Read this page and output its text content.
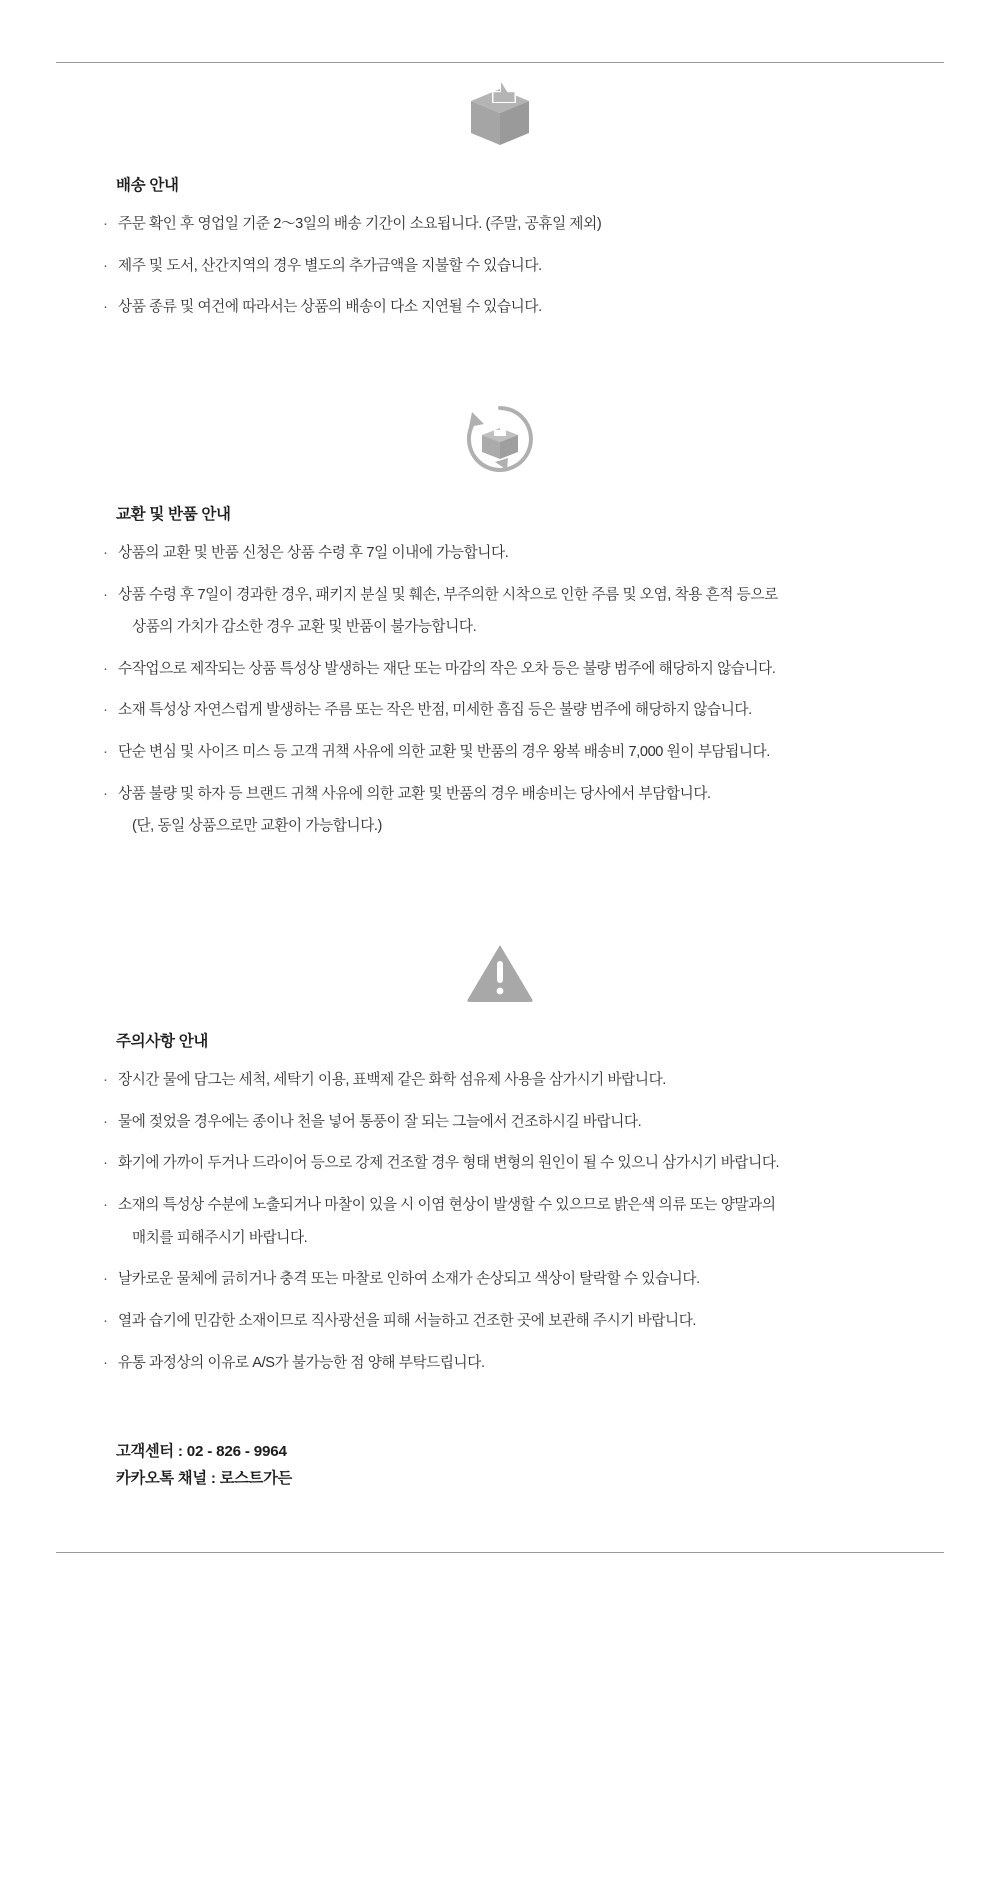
배송 안내
· 주문 확인 후 영업일 기준 2〜3일의 배송 기간이 소요됩니다. (주말, 공휴일 제외)
· 제주 및 도서, 산간지역의 경우 별도의 추가금액을 지불할 수 있습니다.
· 상품 종류 및 여건에 따라서는 상품의 배송이 다소 지연될 수 있습니다.
교환 및 반품 안내
· 상품의 교환 및 반품 신청은 상품 수령 후 7일 이내에 가능합니다.
· 상품 수령 후 7일이 경과한 경우, 패키지 분실 및 훼손, 부주의한 시착으로 인한 주름 및 오염, 착용 흔적 등으로
상품의 가치가 감소한 경우 교환 및 반품이 불가능합니다.
· 수작업으로 제작되는 상품 특성상 발생하는 재단 또는 마감의 작은 오차 등은 불량 범주에 해당하지 않습니다.
· 소재 특성상 자연스럽게 발생하는 주름 또는 작은 반점, 미세한 흠집 등은 불량 범주에 해당하지 않습니다.
· 단순 변심 및 사이즈 미스 등 고객 귀책 사유에 의한 교환 및 반품의 경우 왕복 배송비 7,000 원이 부담됩니다.
· 상품 불량 및 하자 등 브랜드 귀책 사유에 의한 교환 및 반품의 경우 배송비는 당사에서 부담합니다.
(단, 동일 상품으로만 교환이 가능합니다.)
주의사항 안내
· 장시간 물에 담그는 세척, 세탁기 이용, 표백제 같은 화학 섬유제 사용을 삼가시기 바랍니다.
· 물에 젖었을 경우에는 종이나 천을 넣어 통풍이 잘 되는 그늘에서 건조하시길 바랍니다.
· 화기에 가까이 두거나 드라이어 등으로 강제 건조할 경우 형태 변형의 원인이 될 수 있으니 삼가시기 바랍니다.
· 소재의 특성상 수분에 노출되거나 마찰이 있을 시 이염 현상이 발생할 수 있으므로 밝은색 의류 또는 양말과의
매치를 피해주시기 바랍니다.
· 날카로운 물체에 긁히거나 충격 또는 마찰로 인하여 소재가 손상되고 색상이 탈락할 수 있습니다.
· 열과 습기에 민감한 소재이므로 직사광선을 피해 서늘하고 건조한 곳에 보관해 주시기 바랍니다.
· 유통 과정상의 이유로 A/S가 불가능한 점 양해 부탁드립니다.
고객센터 : 02 - 826 - 9964
카카오톡 채널 : 로스트가든
